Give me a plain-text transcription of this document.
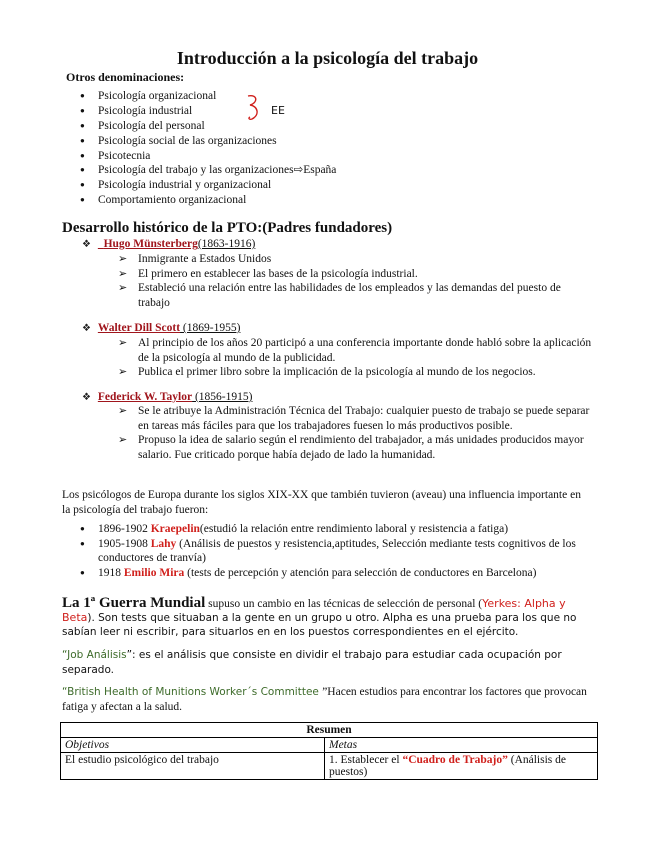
Introducción a la psicología del trabajo
Otros denominaciones:
● Psicología organizacional
● Psicología industrial
● Psicología del personal
● Psicología social de las organizaciones
● Psicotecnia
● Psicología del trabajo y las organizaciones⇨España
● Psicología industrial y organizacional
● Comportamiento organizacional
EE
Desarrollo histórico de la PTO:(Padres fundadores)
❖ Hugo Münsterberg(1863-1916)
➢ Inmigrante a Estados Unidos
➢ El primero en establecer las bases de la psicología industrial.
➢ Estableció una relación entre las habilidades de los empleados y las demandas del puesto de trabajo
❖ Walter Dill Scott (1869-1955)
➢ Al principio de los años 20 participó a una conferencia importante donde habló sobre la aplicación de la psicología al mundo de la publicidad.
➢ Publica el primer libro sobre la implicación de la psicología al mundo de los negocios.
❖ Federick W. Taylor (1856-1915)
➢ Se le atribuye la Administración Técnica del Trabajo: cualquier puesto de trabajo se puede separar en tareas más fáciles para que los trabajadores fuesen lo más productivos posible.
➢ Propuso la idea de salario según el rendimiento del trabajador, a más unidades producidos mayor salario. Fue criticado porque había dejado de lado la humanidad.
Los psicólogos de Europa durante los siglos XIX-XX que también tuvieron (aveau) una influencia importante en la psicología del trabajo fueron:
● 1896-1902 Kraepelin(estudió la relación entre rendimiento laboral y resistencia a fatiga)
● 1905-1908 Lahy (Análisis de puestos y resistencia,aptitudes, Selección mediante tests cognitivos de los conductores de tranvía)
● 1918 Emilio Mira (tests de percepción y atención para selección de conductores en Barcelona)
La 1ª Guerra Mundial supuso un cambio en las técnicas de selección de personal (Yerkes: Alpha y Beta). Son tests que situaban a la gente en un grupo u otro. Alpha es una prueba para los que no sabían leer ni escribir, para situarlos en en los puestos correspondientes en el ejército.
“Job Análisis”: es el análisis que consiste en dividir el trabajo para estudiar cada ocupación por separado.
“British Health of Munitions Worker´s Committee ”Hacen estudios para encontrar los factores que provocan fatiga y afectan a la salud.
Resumen	
Objetivos	Metas
El estudio psicológico del trabajo	1. Establecer el “Cuadro de Trabajo” (Análisis de puestos)
